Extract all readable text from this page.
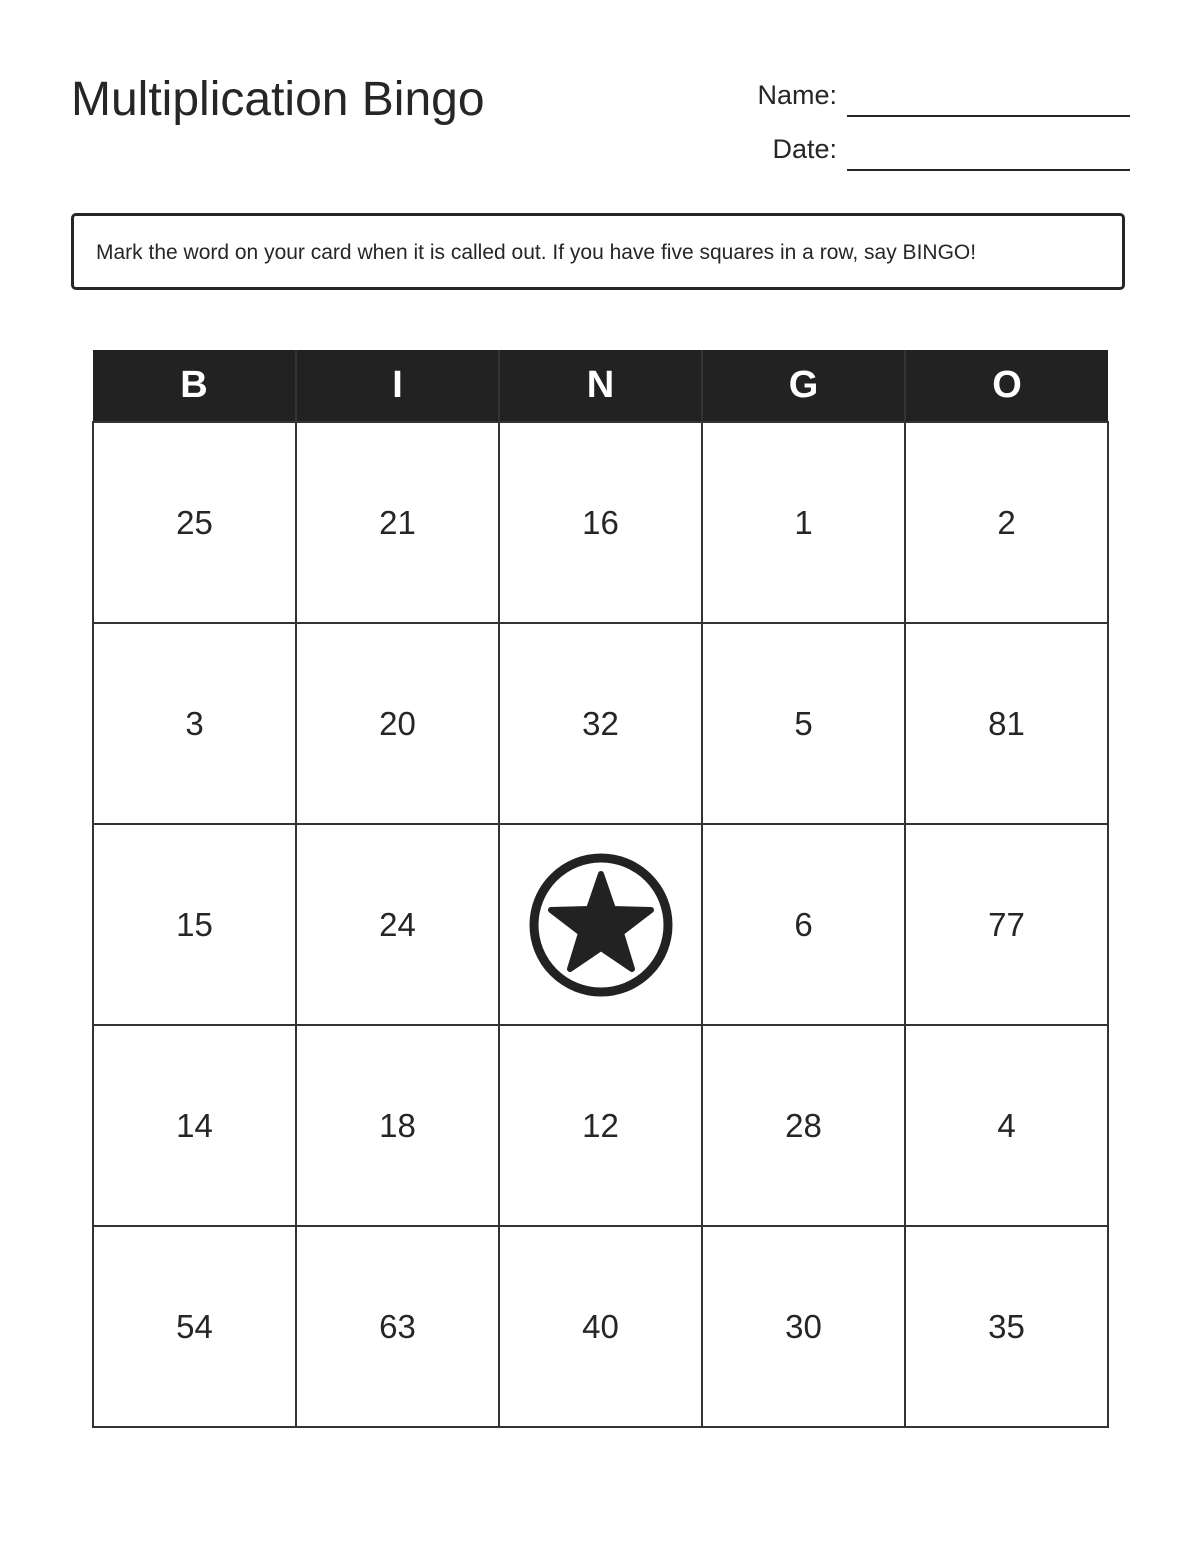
Multiplication Bingo	Name:
Date:
Mark the word on your card when it is called out. If you have five squares in a row, say BINGO!
B	I	N	G	O
25	21	16	1	2
3	20	32	5	81
15	24		6	77
14	18	12	28	4
54	63	40	30	35
